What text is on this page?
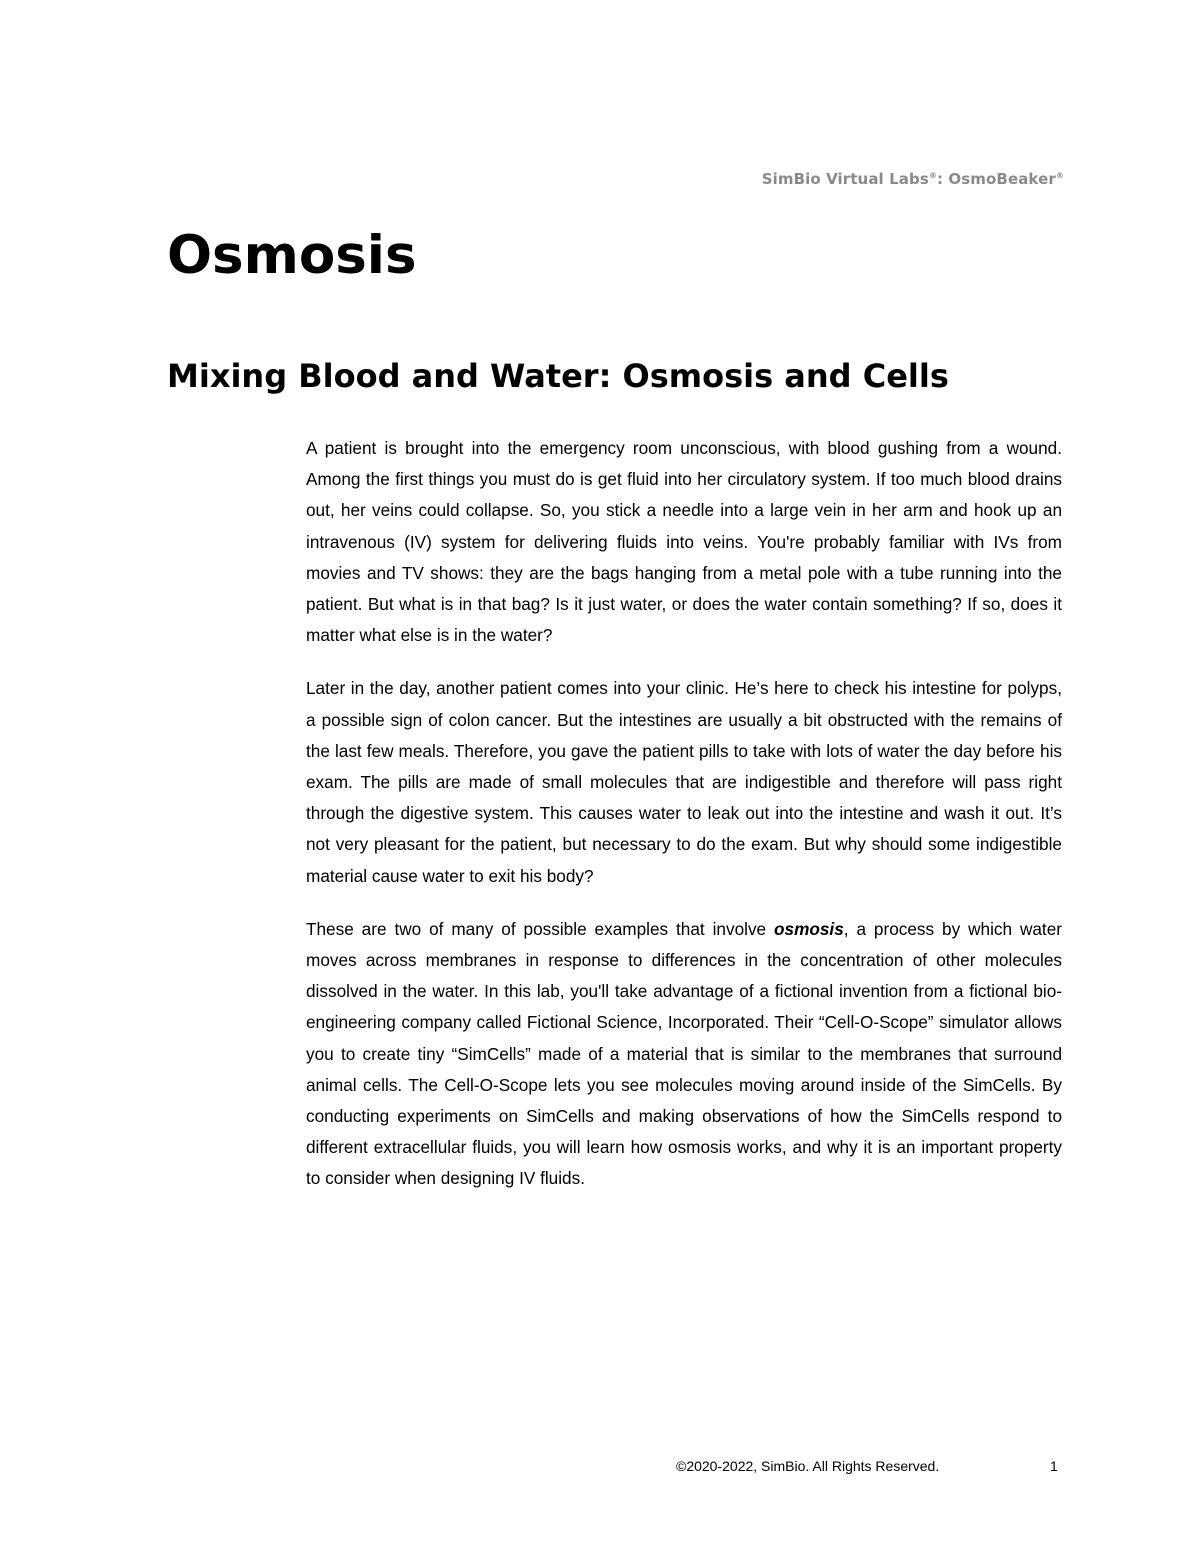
SimBio Virtual Labs®: OsmoBeaker®
Osmosis
Mixing Blood and Water: Osmosis and Cells

A patient is brought into the emergency room unconscious, with blood gushing from a wound. Among the first things you must do is get fluid into her circulatory system. If too much blood drains out, her veins could collapse. So, you stick a needle into a large vein in her arm and hook up an intravenous (IV) system for delivering fluids into veins. You're probably familiar with IVs from movies and TV shows: they are the bags hanging from a metal pole with a tube running into the patient. But what is in that bag? Is it just water, or does the water contain something? If so, does it matter what else is in the water?

Later in the day, another patient comes into your clinic. He’s here to check his intestine for polyps, a possible sign of colon cancer. But the intestines are usually a bit obstructed with the remains of the last few meals. Therefore, you gave the patient pills to take with lots of water the day before his exam. The pills are made of small molecules that are indigestible and therefore will pass right through the digestive system. This causes water to leak out into the intestine and wash it out. It’s not very pleasant for the patient, but necessary to do the exam. But why should some indigestible material cause water to exit his body?

These are two of many of possible examples that involve osmosis, a process by which water moves across membranes in response to differences in the concentration of other molecules dissolved in the water. In this lab, you'll take advantage of a fictional invention from a fictional bio-engineering company called Fictional Science, Incorporated. Their “Cell-O-Scope” simulator allows you to create tiny “SimCells” made of a material that is similar to the membranes that surround animal cells. The Cell-O-Scope lets you see molecules moving around inside of the SimCells. By conducting experiments on SimCells and making observations of how the SimCells respond to different extracellular fluids, you will learn how osmosis works, and why it is an important property to consider when designing IV fluids.

©2020-2022, SimBio. All Rights Reserved.	1
